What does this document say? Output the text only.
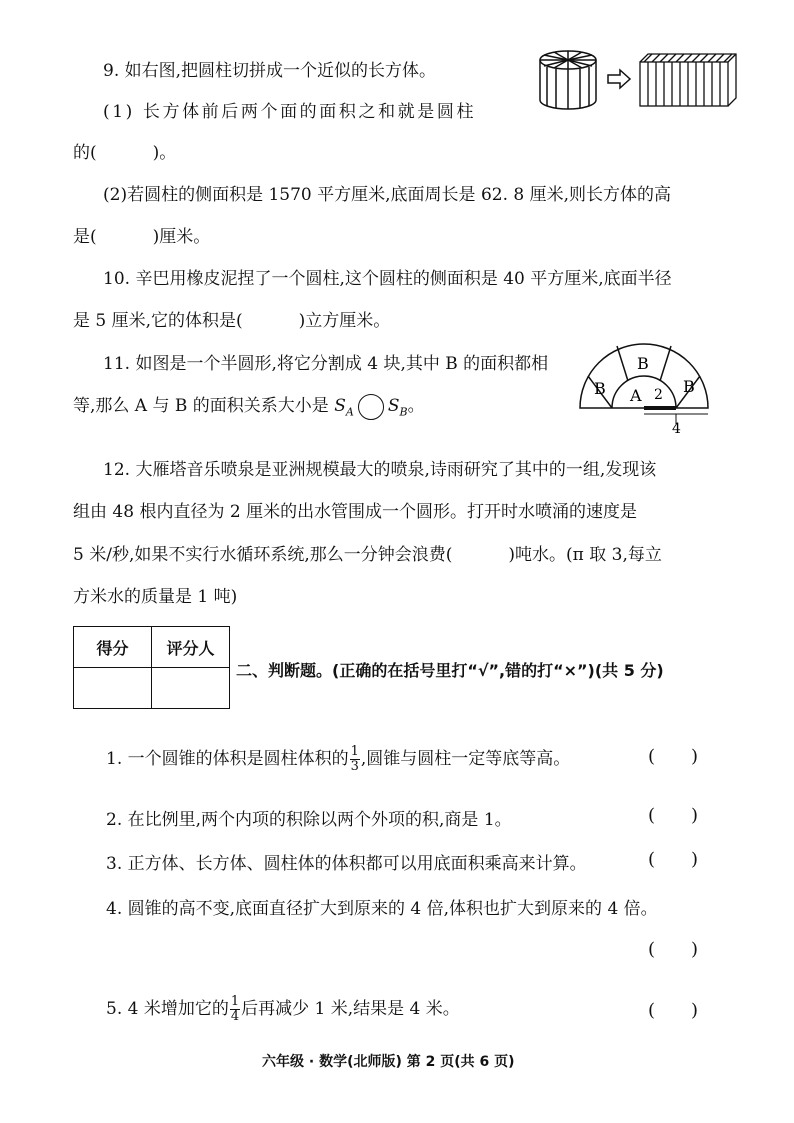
9. 如右图,把圆柱切拼成一个近似的长方体。
(1) 长方体前后两个面的面积之和就是圆柱
的(	)。
(2)若圆柱的侧面积是 1570 平方厘米,底面周长是 62. 8 厘米,则长方体的高
是(	)厘米。
10. 辛巴用橡皮泥捏了一个圆柱,这个圆柱的侧面积是 40 平方厘米,底面半径
是 5 厘米,它的体积是(	)立方厘米。
11. 如图是一个半圆形,将它分割成 4 块,其中 B 的面积都相
等,那么 A 与 B 的面积关系大小是 $S_A$ $S_B$。
B
B
B
A 2
4
12. 大雁塔音乐喷泉是亚洲规模最大的喷泉,诗雨研究了其中的一组,发现该
组由 48 根内直径为 2 厘米的出水管围成一个圆形。打开时水喷涌的速度是
5 米/秒,如果不实行水循环系统,那么一分钟会浪费(	)吨水。(π 取 3,每立
方米水的质量是 1 吨)
得分	评分人

二、判断题。(正确的在括号里打“√”,错的打“×”)(共 5 分)
1. 一个圆锥的体积是圆柱体积的 $\frac{1}{3}$ ,圆锥与圆柱一定等底等高。	( )
2. 在比例里,两个内项的积除以两个外项的积,商是 1。	( )
3. 正方体、长方体、圆柱体的体积都可以用底面积乘高来计算。	( )
4. 圆锥的高不变,底面直径扩大到原来的 4 倍,体积也扩大到原来的 4 倍。
( )
5. 4 米增加它的 $\frac{1}{4}$ 后再减少 1 米,结果是 4 米。	( )
六年级 · 数学(北师版) 第 2 页(共 6 页)
